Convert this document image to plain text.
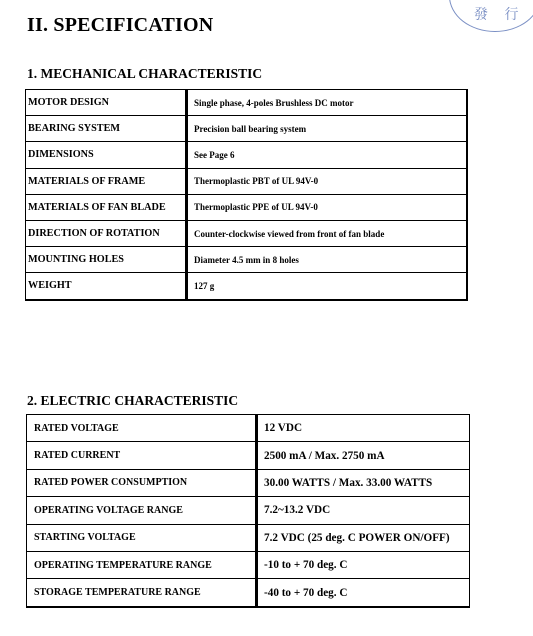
發 行
II. SPECIFICATION
1. MECHANICAL CHARACTERISTIC
MOTOR DESIGN	Single phase, 4-poles Brushless DC motor
BEARING SYSTEM	Precision ball bearing system
DIMENSIONS	See Page 6
MATERIALS OF FRAME	Thermoplastic PBT of UL 94V-0
MATERIALS OF FAN BLADE	Thermoplastic PPE of UL 94V-0
DIRECTION OF ROTATION	Counter-clockwise viewed from front of fan blade
MOUNTING HOLES	Diameter 4.5 mm in 8 holes
WEIGHT	127 g
2. ELECTRIC CHARACTERISTIC
RATED VOLTAGE	12 VDC
RATED CURRENT	2500 mA / Max. 2750 mA
RATED POWER CONSUMPTION	30.00 WATTS / Max. 33.00 WATTS
OPERATING VOLTAGE RANGE	7.2~13.2 VDC
STARTING VOLTAGE	7.2 VDC (25 deg. C POWER ON/OFF)
OPERATING TEMPERATURE RANGE	-10 to + 70 deg. C
STORAGE TEMPERATURE RANGE	-40 to + 70 deg. C
